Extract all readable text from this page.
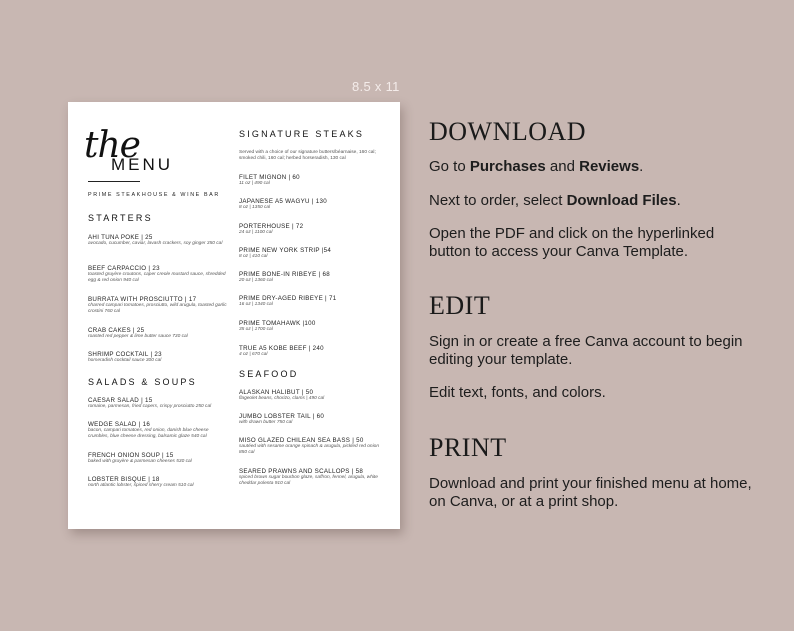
8.5 x 11
the
MENU
PRIME STEAKHOUSE & WINE BAR
STARTERS
AHI TUNA POKE | 25
avocado, cucumber, caviar, lavash crackers, soy ginger 350 cal
BEEF CARPACCIO | 23
toasted gruyère croutons, caper creole mustard sauce, shredded egg & red onion 940 cal
BURRATA WITH PROSCIUTTO | 17
charred campari tomatoes, prosciutto, wild arugula, toasted garlic crostini 760 cal
CRAB CAKES | 25
roasted red pepper & lime butter sauce 730 cal
SHRIMP COCKTAIL | 23
horseradish cocktail sauce 300 cal
SALADS & SOUPS
CAESAR SALAD | 15
romaine, parmesan, fried capers, crispy prosciutto 250 cal
WEDGE SALAD | 16
bacon, campari tomatoes, red onion, danish blue cheese crumbles, blue cheese dressing, balsamic glaze 540 cal
FRENCH ONION SOUP | 15
baked with gruyère & parmesan cheeses 530 cal
LOBSTER BISQUE | 18
north atlantic lobster, spiced sherry cream 510 cal
SIGNATURE STEAKS
Served with a choice of our signature butters/béarnaise, 160 cal; smoked chili, 160 cal; herbed horseradish, 130 cal
FILET MIGNON | 60
11 oz | 490 cal
JAPANESE A5 WAGYU | 130
8 oz | 1350 cal
PORTERHOUSE | 72
24 oz | 1100 cal
PRIME NEW YORK STRIP |54
8 oz | 410 cal
PRIME BONE-IN RIBEYE | 68
20 oz | 1360 cal
PRIME DRY-AGED RIBEYE | 71
16 oz | 1340 cal
PRIME TOMAHAWK |100
35 oz | 1700 cal
TRUE A5 KOBE BEEF | 240
4 oz | 670 cal
SEAFOOD
ALASKAN HALIBUT | 50
flageolet beans, chorizo, clams | 490 cal
JUMBO LOBSTER TAIL | 60
with drawn butter 750 cal
MISO GLAZED CHILEAN SEA BASS | 50
sautéed with sesame orange spinach & arugula, pickled red onion 850 cal
SEARED PRAWNS AND SCALLOPS | 58
spiced brown sugar bourbon glaze, saffron, fennel, arugula, white cheddar polenta 910 cal
DOWNLOAD
Go to Purchases and Reviews.
Next to order, select Download Files.
Open the PDF and click on the hyperlinked button to access your Canva Template.
EDIT
Sign in or create a free Canva account to begin editing your template.
Edit text, fonts, and colors.
PRINT
Download and print your finished menu at home, on Canva, or at a print shop.
